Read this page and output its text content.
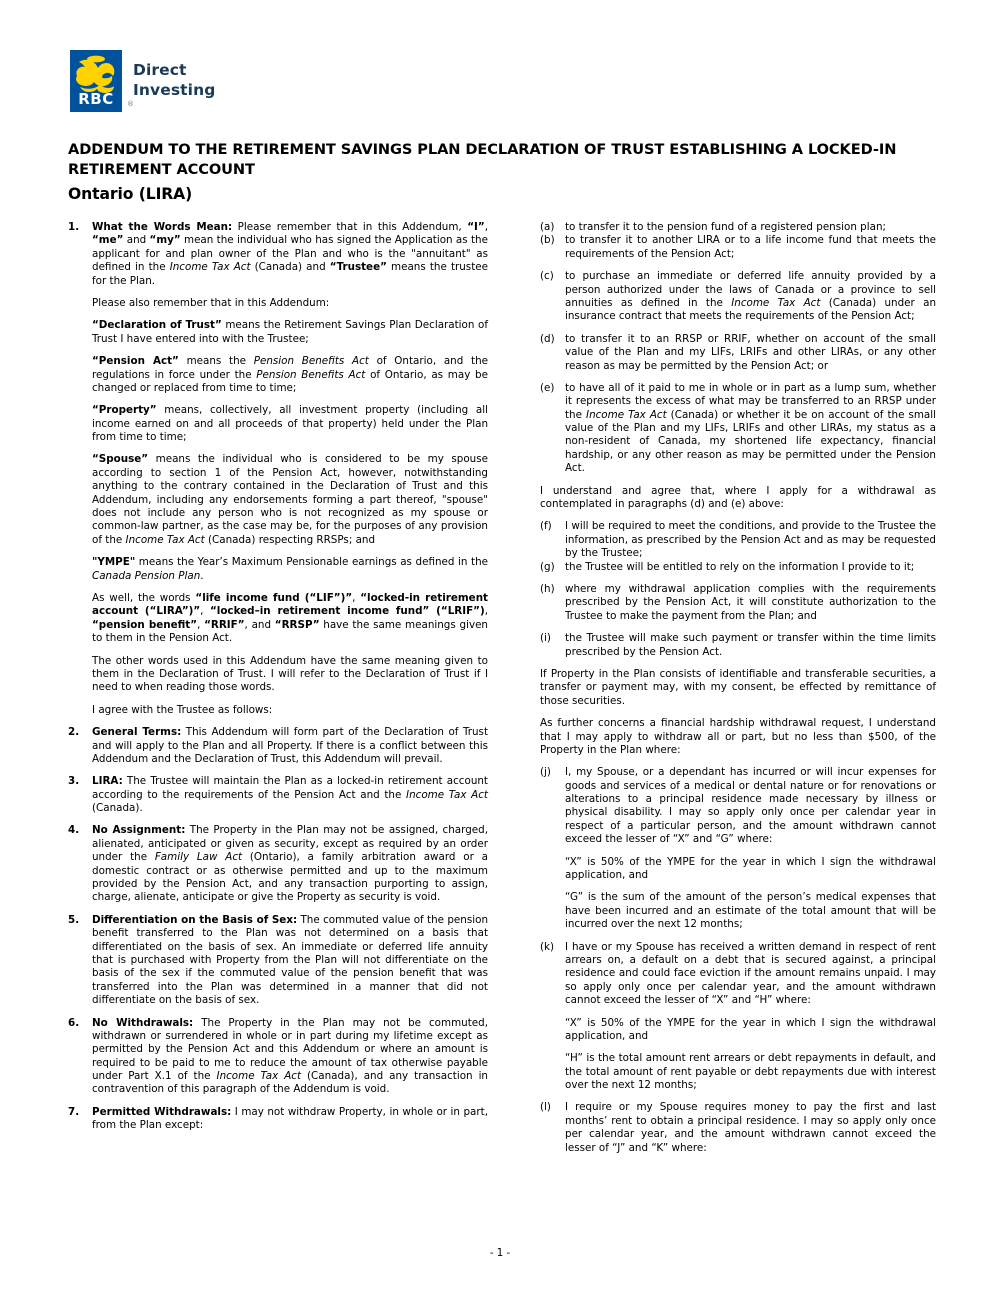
RBC	®
Direct
Investing
ADDENDUM TO THE RETIREMENT SAVINGS PLAN DECLARATION OF TRUST ESTABLISHING A LOCKED-IN RETIREMENT ACCOUNT
Ontario (LIRA)
1.	What the Words Mean: Please remember that in this Addendum, “I”, “me” and “my” mean the individual who has signed the Application as the applicant for and plan owner of the Plan and who is the "annuitant" as defined in the Income Tax Act (Canada) and “Trustee” means the trustee for the Plan.

Please also remember that in this Addendum:

“Declaration of Trust” means the Retirement Savings Plan Declaration of Trust I have entered into with the Trustee;

“Pension Act” means the Pension Benefits Act of Ontario, and the regulations in force under the Pension Benefits Act of Ontario, as may be changed or replaced from time to time;

“Property” means, collectively, all investment property (including all income earned on and all proceeds of that property) held under the Plan from time to time;

“Spouse” means the individual who is considered to be my spouse according to section 1 of the Pension Act, however, notwithstanding anything to the contrary contained in the Declaration of Trust and this Addendum, including any endorsements forming a part thereof, "spouse" does not include any person who is not recognized as my spouse or common-law partner, as the case may be, for the purposes of any provision of the Income Tax Act (Canada) respecting RRSPs; and

"YMPE" means the Year’s Maximum Pensionable earnings as defined in the Canada Pension Plan.

As well, the words “life income fund (“LIF”)”, “locked-in retirement account (“LIRA”)”, “locked–in retirement income fund” (“LRIF”), “pension benefit”, “RRIF”, and “RRSP” have the same meanings given to them in the Pension Act.

The other words used in this Addendum have the same meaning given to them in the Declaration of Trust. I will refer to the Declaration of Trust if I need to when reading those words.

I agree with the Trustee as follows:

2.	General Terms: This Addendum will form part of the Declaration of Trust and will apply to the Plan and all Property. If there is a conflict between this Addendum and the Declaration of Trust, this Addendum will prevail.

3.	LIRA: The Trustee will maintain the Plan as a locked-in retirement account according to the requirements of the Pension Act and the Income Tax Act (Canada).

4.	No Assignment: The Property in the Plan may not be assigned, charged, alienated, anticipated or given as security, except as required by an order under the Family Law Act (Ontario), a family arbitration award or a domestic contract or as otherwise permitted and up to the maximum provided by the Pension Act, and any transaction purporting to assign, charge, alienate, anticipate or give the Property as security is void.

5.	Differentiation on the Basis of Sex: The commuted value of the pension benefit transferred to the Plan was not determined on a basis that differentiated on the basis of sex. An immediate or deferred life annuity that is purchased with Property from the Plan will not differentiate on the basis of the sex if the commuted value of the pension benefit that was transferred into the Plan was determined in a manner that did not differentiate on the basis of sex.

6.	No Withdrawals: The Property in the Plan may not be commuted, withdrawn or surrendered in whole or in part during my lifetime except as permitted by the Pension Act and this Addendum or where an amount is required to be paid to me to reduce the amount of tax otherwise payable under Part X.1 of the Income Tax Act (Canada), and any transaction in contravention of this paragraph of the Addendum is void.

7.	Permitted Withdrawals: I may not withdraw Property, in whole or in part, from the Plan except:

(a)	to transfer it to the pension fund of a registered pension plan;
(b)	to transfer it to another LIRA or to a life income fund that meets the requirements of the Pension Act;
(c)	to purchase an immediate or deferred life annuity provided by a person authorized under the laws of Canada or a province to sell annuities as defined in the Income Tax Act (Canada) under an insurance contract that meets the requirements of the Pension Act;
(d)	to transfer it to an RRSP or RRIF, whether on account of the small value of the Plan and my LIFs, LRIFs and other LIRAs, or any other reason as may be permitted by the Pension Act; or
(e)	to have all of it paid to me in whole or in part as a lump sum, whether it represents the excess of what may be transferred to an RRSP under the Income Tax Act (Canada) or whether it be on account of the small value of the Plan and my LIFs, LRIFs and other LIRAs, my status as a non-resident of Canada, my shortened life expectancy, financial hardship, or any other reason as may be permitted under the Pension Act.

I understand and agree that, where I apply for a withdrawal as contemplated in paragraphs (d) and (e) above:

(f)	I will be required to meet the conditions, and provide to the Trustee the information, as prescribed by the Pension Act and as may be requested by the Trustee;
(g)	the Trustee will be entitled to rely on the information I provide to it;
(h)	where my withdrawal application complies with the requirements prescribed by the Pension Act, it will constitute authorization to the Trustee to make the payment from the Plan; and
(i)	the Trustee will make such payment or transfer within the time limits prescribed by the Pension Act.

If Property in the Plan consists of identifiable and transferable securities, a transfer or payment may, with my consent, be effected by remittance of those securities.

As further concerns a financial hardship withdrawal request, I understand that I may apply to withdraw all or part, but no less than $500, of the Property in the Plan where:

(j)	I, my Spouse, or a dependant has incurred or will incur expenses for goods and services of a medical or dental nature or for renovations or alterations to a principal residence made necessary by illness or physical disability. I may so apply only once per calendar year in respect of a particular person, and the amount withdrawn cannot exceed the lesser of “X” and “G” where:

“X” is 50% of the YMPE for the year in which I sign the withdrawal application, and

“G” is the sum of the amount of the person’s medical expenses that have been incurred and an estimate of the total amount that will be incurred over the next 12 months;

(k)	I have or my Spouse has received a written demand in respect of rent arrears on, a default on a debt that is secured against, a principal residence and could face eviction if the amount remains unpaid. I may so apply only once per calendar year, and the amount withdrawn cannot exceed the lesser of “X” and “H” where:

“X” is 50% of the YMPE for the year in which I sign the withdrawal application, and

“H” is the total amount rent arrears or debt repayments in default, and the total amount of rent payable or debt repayments due with interest over the next 12 months;

(l)	I require or my Spouse requires money to pay the first and last months’ rent to obtain a principal residence. I may so apply only once per calendar year, and the amount withdrawn cannot exceed the lesser of “J” and “K” where:
- 1 -
